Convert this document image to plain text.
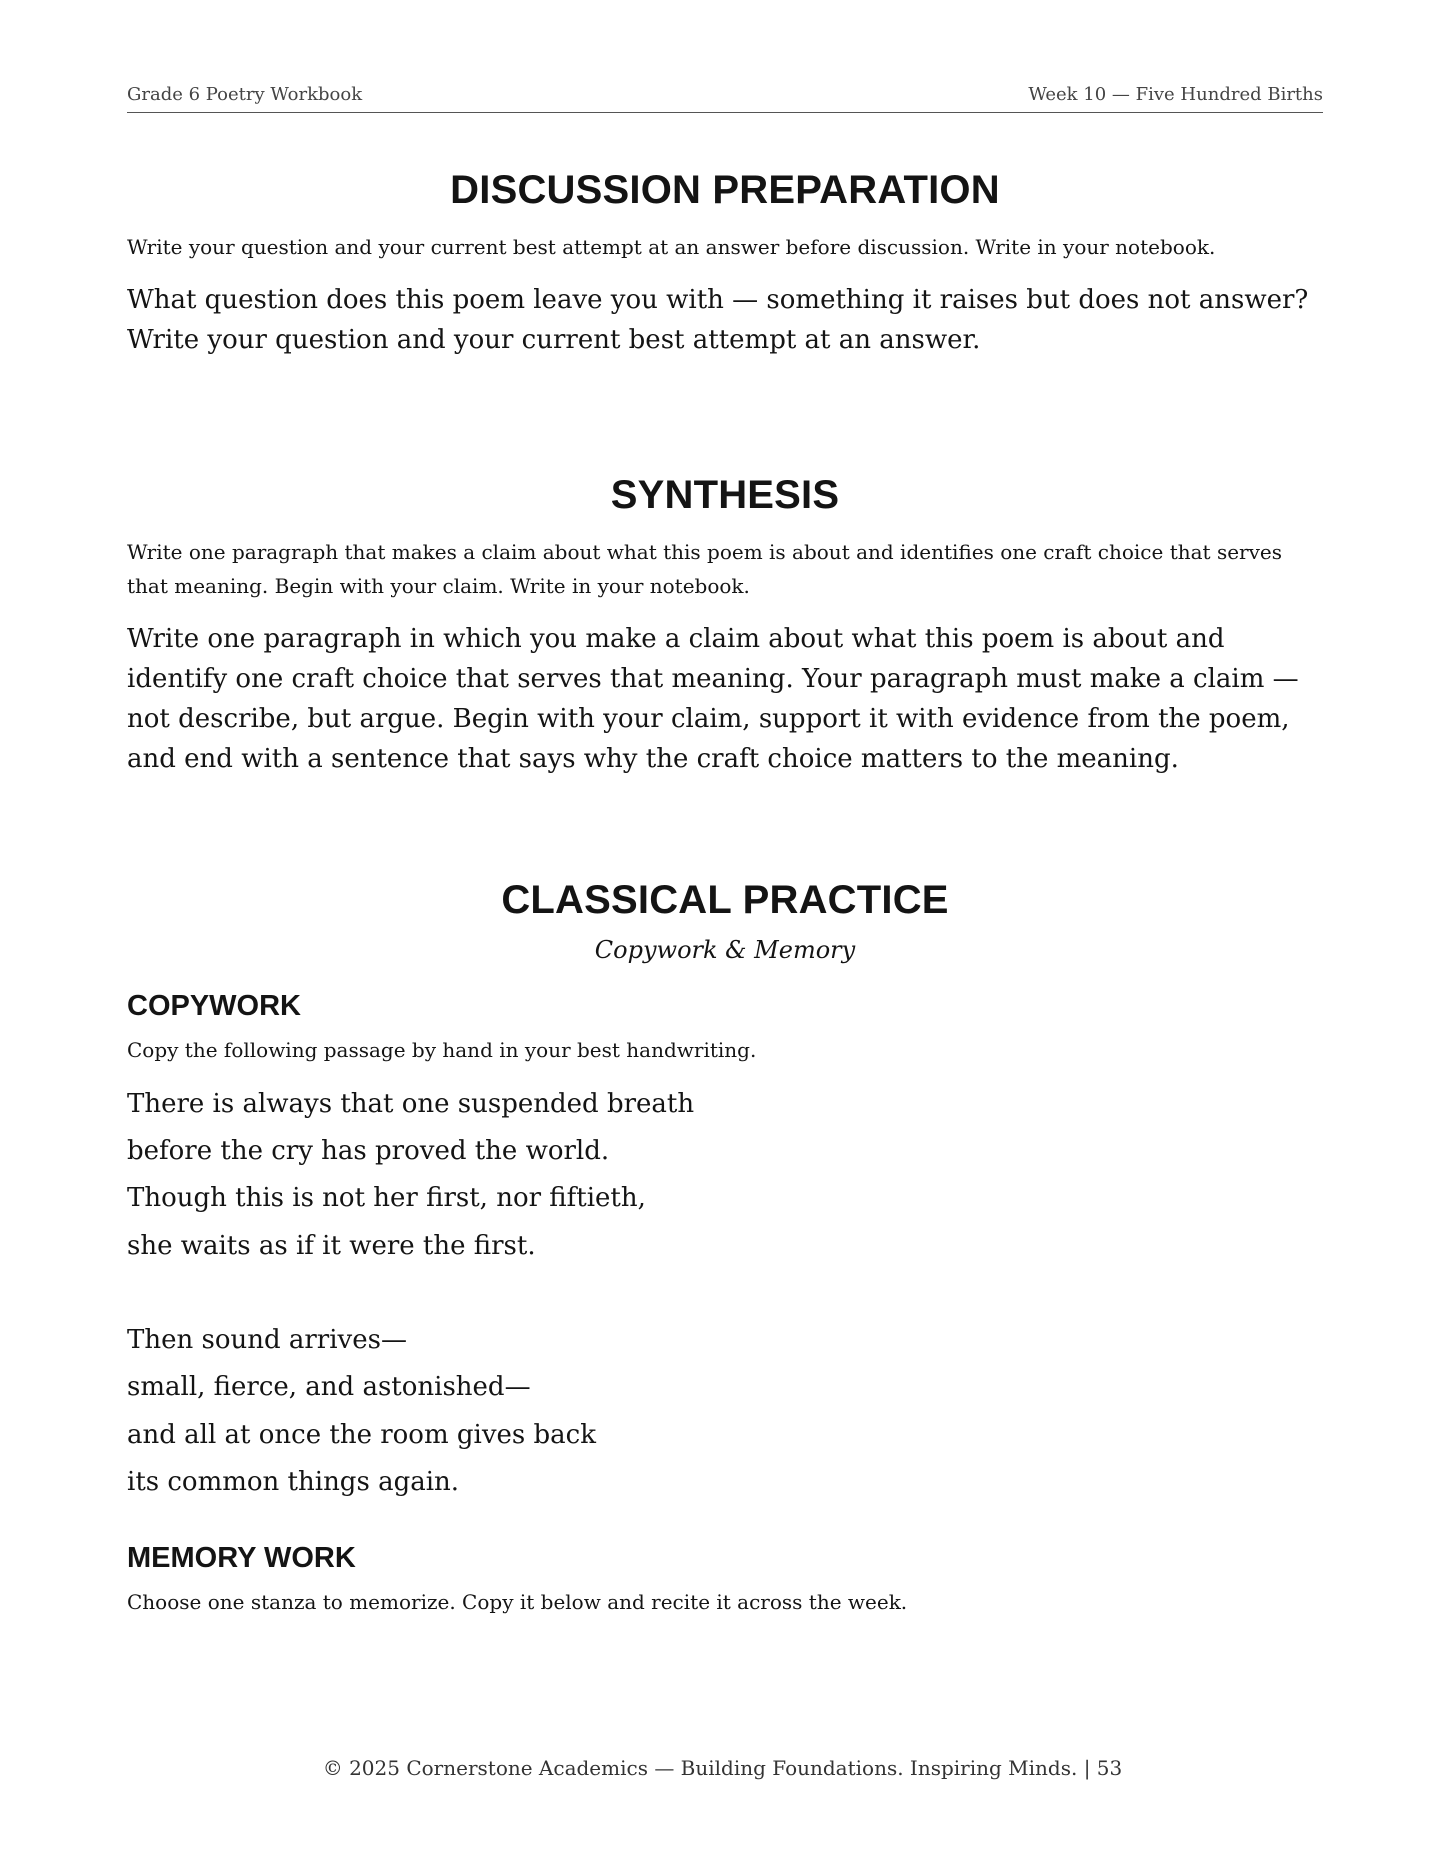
Grade 6 Poetry Workbook	Week 10 — Five Hundred Births
DISCUSSION PREPARATION

Write your question and your current best attempt at an answer before discussion. Write in your notebook.

What question does this poem leave you with — something it raises but does not answer? Write your question and your current best attempt at an answer.

SYNTHESIS

Write one paragraph that makes a claim about what this poem is about and identifies one craft choice that serves that meaning. Begin with your claim. Write in your notebook.

Write one paragraph in which you make a claim about what this poem is about and identify one craft choice that serves that meaning. Your paragraph must make a claim — not describe, but argue. Begin with your claim, support it with evidence from the poem, and end with a sentence that says why the craft choice matters to the meaning.

CLASSICAL PRACTICE

Copywork & Memory

COPYWORK

Copy the following passage by hand in your best handwriting.

There is always that one suspended breath
before the cry has proved the world.
Though this is not her first, nor fiftieth,
she waits as if it were the first.
Then sound arrives—
small, fierce, and astonished—
and all at once the room gives back
its common things again.
MEMORY WORK

Choose one stanza to memorize. Copy it below and recite it across the week.

© 2025 Cornerstone Academics — Building Foundations. Inspiring Minds. | 53
